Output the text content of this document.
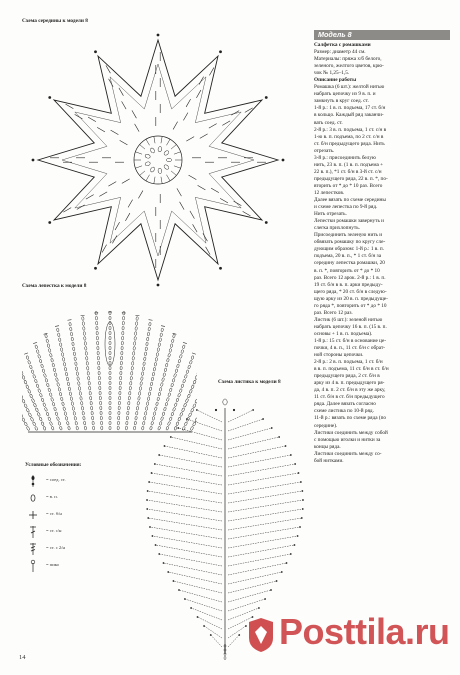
Схема середины к модели 8
Схема лепестка к модели 8
Схема листика к модели 8
Условные обозначения:
= соед. ст.
= в. п.
= ст. б/н
= ст. с/н
= ст. с 2/н
= пико
Модель 8
Салфетка с ромашками
Размер: диаметр 44 см.
Материалы: пряжа х/б белого,
зеленого, желтого цветов, крю-
чок № 1,25–1,5.
Описание работы
Ромашка (6 шт.): желтой нитью
набрать цепочку из 9 в. п. и
замкнуть в круг соед. ст.
1-й р.: 1 в. п. подъема, 17 ст. б/н
в кольцо. Каждый ряд заканчи-
вать соед. ст.
2-й р.: 3 в. п. подъема, 1 ст. с/н в
1-ю в. п. подъема, по 2 ст. с/н в
ст. б/н предыдущего ряда. Нить
отрезать.
3-й р.: присоединить белую
нить, 23 в. п. (1 в. п. подъема +
22 в. п.), *1 ст. б/н в 3-й ст. с/н
предыдущего ряда, 22 в. п. *, по-
вторить от * до * 10 раз. Всего
12 лепестков.
Далее вязать по схеме середины
и схеме лепестка по 9-й ряд.
Нить отрезать.
Лепестки ромашки завернуть и
слегка прихлопнуть.
Присоединить зеленую нить и
обвязать ромашку по кругу сле-
дующим образом: 1-й р.: 1 в. п.
подъема, 20 в. п., * 1 ст. б/н за
середину лепестка ромашки, 20
в. п. *, повторить от * до * 10
раз. Всего 12 арок. 2-й р.: 1 в. п.
19 ст. б/н в в. п. арки предыду-
щего ряда, * 20 ст. б/н в следую-
щую арку из 20 в. п. предыдуще-
го ряда *, повторить от * до * 10
раз. Всего 12 раз.
Листик (6 шт.): зеленой нитью
набрать цепочку 16 в. п. (15 в. п.
основы + 1 в. п. подъема).
1-й р.: 15 ст. б/н в основание це-
почки, 4 в. п., 11 ст. б/н с обрат-
ной стороны цепочки.
2-й р.: 2 в. п. подъема, 1 ст. б/н
в в. п. подъема, 11 ст. б/н в ст. б/н
предыдущего ряда, 2 ст. б/н в
арку из 4 в. п. предыдущего ря-
да, 4 в. п. 2 ст. б/н в эту же арку,
11 ст. б/н в ст. б/н предыдущего
ряда. Далее вязать согласно
схеме листика по 10-й ряд.
11-й р.: вязать по схеме ряда (по
середине).
Листики соединить между собой
с помощью иголки и нитки за
концы ряда.
Листики соединить между со-
бой нитками.
14
Posttila.ru
